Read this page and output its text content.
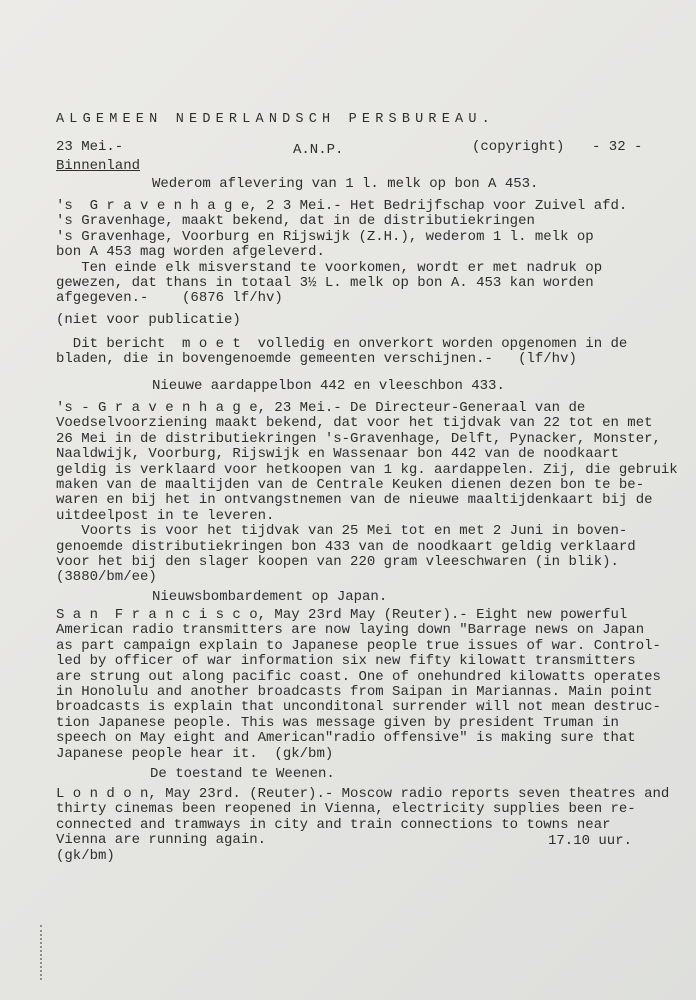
ALGEMEEN NEDERLANDSCH PERSBUREAU.
23 Mei.-	A.N.P.	(copyright) - 32 -
Binnenland
Wederom aflevering van 1 l. melk op bon A 453.
's  G r a v e n h a g e, 2 3 Mei.- Het Bedrijfschap voor Zuivel afd.
's Gravenhage, maakt bekend, dat in de distributiekringen
's Gravenhage, Voorburg en Rijswijk (Z.H.), wederom 1 l. melk op
bon A 453 mag worden afgeleverd.
Ten einde elk misverstand te voorkomen, wordt er met nadruk op
gewezen, dat thans in totaal 3½ L. melk op bon A. 453 kan worden
afgegeven.-    (6876 lf/hv)
(niet voor publicatie)
Dit bericht  m o e t  volledig en onverkort worden opgenomen in de
bladen, die in bovengenoemde gemeenten verschijnen.-   (lf/hv)
Nieuwe aardappelbon 442 en vleeschbon 433.
's - G r a v e n h a g e, 23 Mei.- De Directeur-Generaal van de
Voedselvoorziening maakt bekend, dat voor het tijdvak van 22 tot en met
26 Mei in de distributiekringen 's-Gravenhage, Delft, Pynacker, Monster,
Naaldwijk, Voorburg, Rijswijk en Wassenaar bon 442 van de noodkaart
geldig is verklaard voor hetkoopen van 1 kg. aardappelen. Zij, die gebruik
maken van de maaltijden van de Centrale Keuken dienen dezen bon te be-
waren en bij het in ontvangstnemen van de nieuwe maaltijdenkaart bij de
uitdeelpost in te leveren.
Voorts is voor het tijdvak van 25 Mei tot en met 2 Juni in boven-
genoemde distributiekringen bon 433 van de noodkaart geldig verklaard
voor het bij den slager koopen van 220 gram vleeschwaren (in blik).
(3880/bm/ee)
Nieuwsbombardement op Japan.
S a n  F r a n c i s c o, May 23rd May (Reuter).- Eight new powerful
American radio transmitters are now laying down "Barrage news on Japan
as part campaign explain to Japanese people true issues of war. Control-
led by officer of war information six new fifty kilowatt transmitters
are strung out along pacific coast. One of onehundred kilowatts operates
in Honolulu and another broadcasts from Saipan in Mariannas. Main point
broadcasts is explain that unconditonal surrender will not mean destruc-
tion Japanese people. This was message given by president Truman in
speech on May eight and American"radio offensive" is making sure that
Japanese people hear it.  (gk/bm)
De toestand te Weenen.
L o n d o n, May 23rd. (Reuter).- Moscow radio reports seven theatres and
thirty cinemas been reopened in Vienna, electricity supplies been re-
connected and tramways in city and train connections to towns near
Vienna are running again.
(gk/bm)
17.10 uur.
